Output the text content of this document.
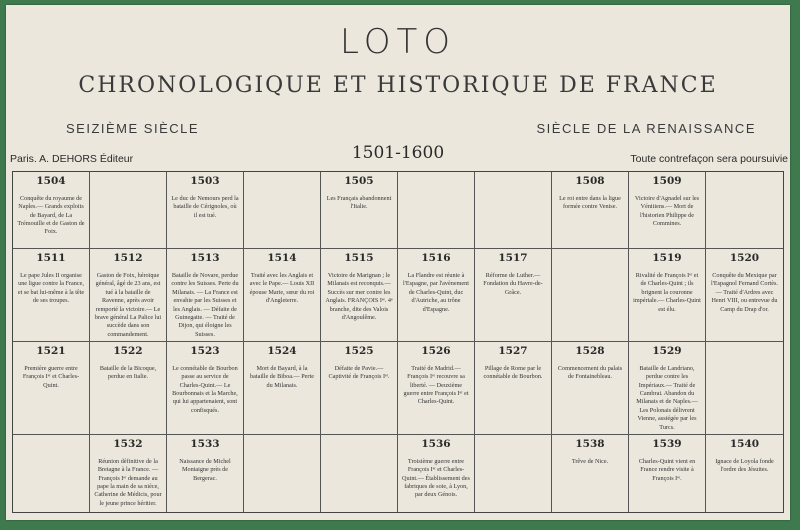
LOTO
CHRONOLOGIQUE ET HISTORIQUE DE FRANCE
SEIZIÈME SIÈCLE	SIÈCLE DE LA RENAISSANCE
1501-1600
Paris. A. DEHORS Éditeur	Toute contrefaçon sera poursuivie
1504
Conquête du royaume de Naples.— Grands exploits de Bayard, de La Trémouille et de Gaston de Foix.
1503
Le duc de Nemours perd la bataille de Cérignoles, où il est tué.
1505
Les Français abandonnent l'Italie.
1508
Le roi entre dans la ligue formée contre Venise.
1509
Victoire d'Agnadel sur les Vénitiens.— Mort de l'historien Philippe de Commines.
1511
Le pape Jules II organise une ligue contre la France, et se bat lui-même à la tête de ses troupes.
1512
Gaston de Foix, héroïque général, âgé de 23 ans, est tué à la bataille de Ravenne, après avoir remporté la victoire.— Le brave général La Palice lui succède dans son commandement.
1513
Bataille de Novare, perdue contre les Suisses. Perte du Milanais. — La France est envahie par les Suisses et les Anglais. — Défaite de Guinegatte. — Traité de Dijon, qui éloigne les Suisses.
1514
Traité avec les Anglais et avec le Pape.— Louis XII épouse Marie, sœur du roi d'Angleterre.
1515
Victoire de Marignan ; le Milanais est reconquis.— Succès sur mer contre les Anglais. FRANÇOIS Iᵉʳ. 4ᵉ branche, dite des Valois d'Angoulême.
1516
La Flandre est réunie à l'Espagne, par l'avènement de Charles-Quint, duc d'Autriche, au trône d'Espagne.
1517
Réforme de Luther.— Fondation du Havre-de-Grâce.
1519
Rivalité de François Iᵉʳ et de Charles-Quint ; ils brignent la couronne impériale.— Charles-Quint est élu.
1520
Conquête du Mexique par l'Espagnol Fernand Cortès.— Traité d'Ardres avec Henri VIII, ou entrevue du Camp du Drap d'or.
1521
Première guerre entre François Iᵉʳ et Charles-Quint.
1522
Bataille de la Bicoque, perdue en Italie.
1523
Le connétable de Bourbon passe au service de Charles-Quint.— Le Bourbonnais et la Marche, qui lui appartenaient, sont confisqués.
1524
Mort de Bayard, à la bataille de Biboa.— Perte du Milanais.
1525
Défaite de Pavie.— Captivité de François Iᵉʳ.
1526
Traité de Madrid.— François Iᵉʳ recouvre sa liberté. — Deuxième guerre entre François Iᵉʳ et Charles-Quint.
1527
Pillage de Rome par le connétable de Bourbon.
1528
Commencement du palais de Fontainebleau.
1529
Bataille de Landriano, perdue contre les Impériaux.— Traité de Cambrai. Abandon du Milanais et de Naples.— Les Polonais délivrent Vienne, assiégée par les Turcs.
1532
Réunion définitive de la Bretagne à la France. — François Iᵉʳ demande au pape la main de sa nièce, Catherine de Médicis, pour le jeune prince héritier.
1533
Naissance de Michel Montaigne près de Bergerac.
1536
Troisième guerre entre François Iᵉʳ et Charles-Quint.— Établissement des fabriques de soie, à Lyon, par deux Génois.
1538
Trêve de Nice.
1539
Charles-Quint vient en France rendre visite à François Iᵉʳ.
1540
Ignace de Loyola fonde l'ordre des Jésuites.
